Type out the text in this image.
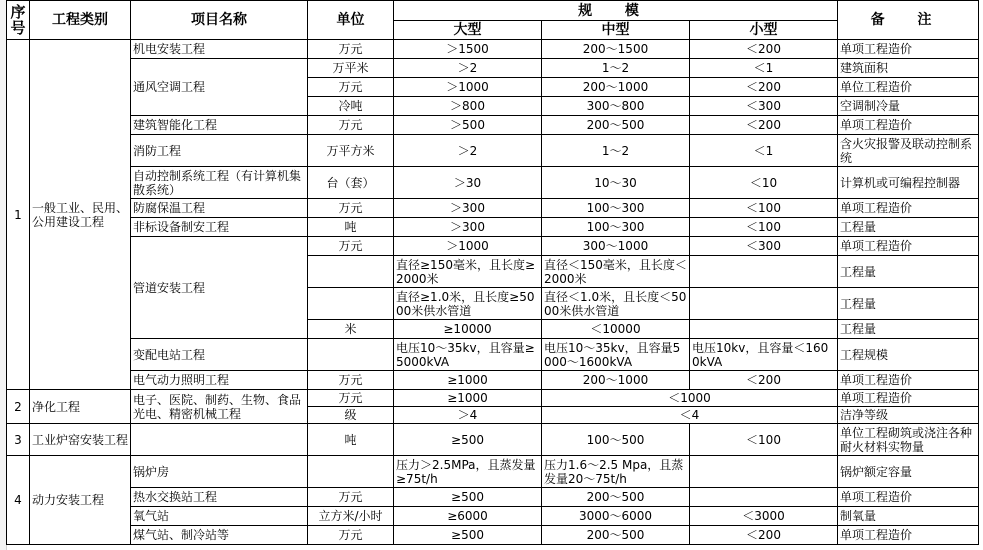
序
号	工程类别	项目名称	单位	规 模			备 注
				大型	中型	小型	
1	一般工业、民用、公用建设工程	机电安装工程	万元	＞1500	200～1500	＜200	单项工程造价
		通风空调工程	万平米	＞2	1～2	＜1	建筑面积
			万元	＞1000	200～1000	＜200	单位工程造价
			冷吨	＞800	300～800	＜300	空调制冷量
		建筑智能化工程	万元	＞500	200～500	＜200	单项工程造价
		消防工程	万平方米	＞2	1～2	＜1	含火灾报警及联动控制系统
		自动控制系统工程（有计算机集散系统）	台（套）	＞30	10～30	＜10	计算机或可编程控制器
		防腐保温工程	万元	＞300	100～300	＜100	单项工程造价
		非标设备制安工程	吨	＞300	100～300	＜100	工程量
		管道安装工程	万元	＞1000	300～1000	＜300	单项工程造价
				直径≥150毫米，且长度≥2000米	直径＜150毫米，且长度＜2000米		工程量
				直径≥1.0米，且长度≥5000米供水管道	直径＜1.0米，且长度＜5000米供水管道		工程量
			米	≥10000	＜10000		工程量
		变配电站工程		电压10～35kv，且容量≥5000kVA	电压10～35kv，且容量5000～1600kVA	电压10kv，且容量＜1600kVA	工程规模
		电气动力照明工程	万元	≥1000	200～1000	＜200	单项工程造价
2	净化工程	电子、医院、制药、生物、食品光电、精密机械工程	万元	≥1000	＜1000		单项工程造价
			级	＞4	＜4		洁净等级
3	工业炉窑安装工程		吨	≥500	100～500	＜100	单位工程砌筑或浇注各种耐火材料实物量
4	动力安装工程	锅炉房		压力＞2.5MPa，且蒸发量≥75t/h	压力1.6～2.5 Mpa，且蒸发量20～75t/h		锅炉额定容量
		热水交换站工程	万元	≥500	200～500		单项工程造价
		氧气站	立方米/小时	≥6000	3000～6000	＜3000	制氧量
		煤气站、制冷站等	万元	≥500	200～500	＜200	单项工程造价
